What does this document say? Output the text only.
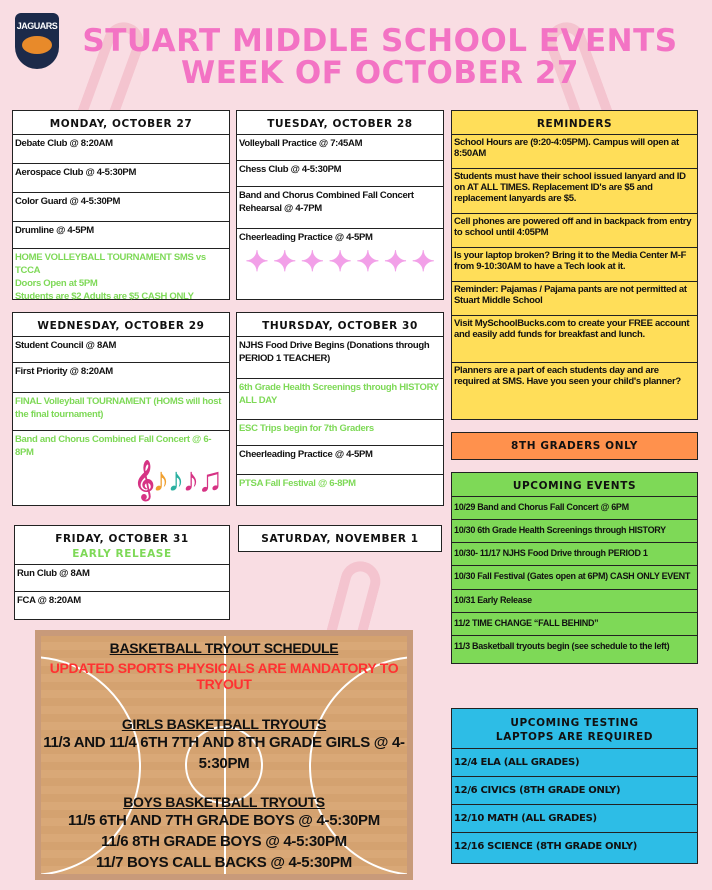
JAGUARS STUART MIDDLE SCHOOL EVENTS
WEEK OF OCTOBER 27
MONDAY, OCTOBER 27
Debate Club @ 8:20AM
Aerospace Club @ 4-5:30PM
Color Guard @ 4-5:30PM
Drumline @ 4-5PM
HOME VOLLEYBALL TOURNAMENT SMS vs TCCA
Doors Open at 5PM
Students are $2 Adults are $5 CASH ONLY
TUESDAY, OCTOBER 28
Volleyball Practice @ 7:45AM
Chess Club @ 4-5:30PM
Band and Chorus Combined Fall Concert Rehearsal @ 4-7PM
Cheerleading Practice @ 4-5PM
✦ ✦ ✦ ✦ ✦ ✦ ✦
REMINDERS
School Hours are (9:20-4:05PM). Campus will open at 8:50AM
Students must have their school issued lanyard and ID on AT ALL TIMES. Replacement ID's are $5 and replacement lanyards are $5.
Cell phones are powered off and in backpack from entry to school until 4:05PM
Is your laptop broken? Bring it to the Media Center M-F from 9-10:30AM to have a Tech look at it.
Reminder: Pajamas / Pajama pants are not permitted at Stuart Middle School
Visit MySchoolBucks.com to create your FREE account and easily add funds for breakfast and lunch.
Planners are a part of each students day and are required at SMS. Have you seen your child's planner?
WEDNESDAY, OCTOBER 29
Student Council @ 8AM
First Priority @ 8:20AM
FINAL Volleyball TOURNAMENT (HOMS will host the final tournament)
Band and Chorus Combined Fall Concert @ 6-8PM
𝄞♪♪♪♫
THURSDAY, OCTOBER 30
NJHS Food Drive Begins (Donations through PERIOD 1 TEACHER)
6th Grade Health Screenings through HISTORY ALL DAY
ESC Trips begin for 7th Graders
Cheerleading Practice @ 4-5PM
PTSA Fall Festival @ 6-8PM
8TH GRADERS ONLY
UPCOMING EVENTS
10/29 Band and Chorus Fall Concert @ 6PM
10/30 6th Grade Health Screenings through HISTORY
10/30- 11/17 NJHS Food Drive through PERIOD 1
10/30 Fall Festival (Gates open at 6PM) CASH ONLY EVENT
10/31 Early Release
11/2 TIME CHANGE “FALL BEHIND”
11/3 Basketball tryouts begin (see schedule to the left)
FRIDAY, OCTOBER 31
EARLY RELEASE
Run Club @ 8AM
FCA @ 8:20AM
SATURDAY, NOVEMBER 1
BASKETBALL TRYOUT SCHEDULE
UPDATED SPORTS PHYSICALS ARE MANDATORY TO TRYOUT
GIRLS BASKETBALL TRYOUTS
11/3 AND 11/4 6TH 7TH AND 8TH GRADE GIRLS @ 4-5:30PM
BOYS BASKETBALL TRYOUTS
11/5 6TH AND 7TH GRADE BOYS @ 4-5:30PM
11/6 8TH GRADE BOYS @ 4-5:30PM
11/7 BOYS CALL BACKS @ 4-5:30PM
UPCOMING TESTING
LAPTOPS ARE REQUIRED
12/4 ELA (ALL GRADES)
12/6 CIVICS (8TH GRADE ONLY)
12/10 MATH (ALL GRADES)
12/16 SCIENCE (8TH GRADE ONLY)
